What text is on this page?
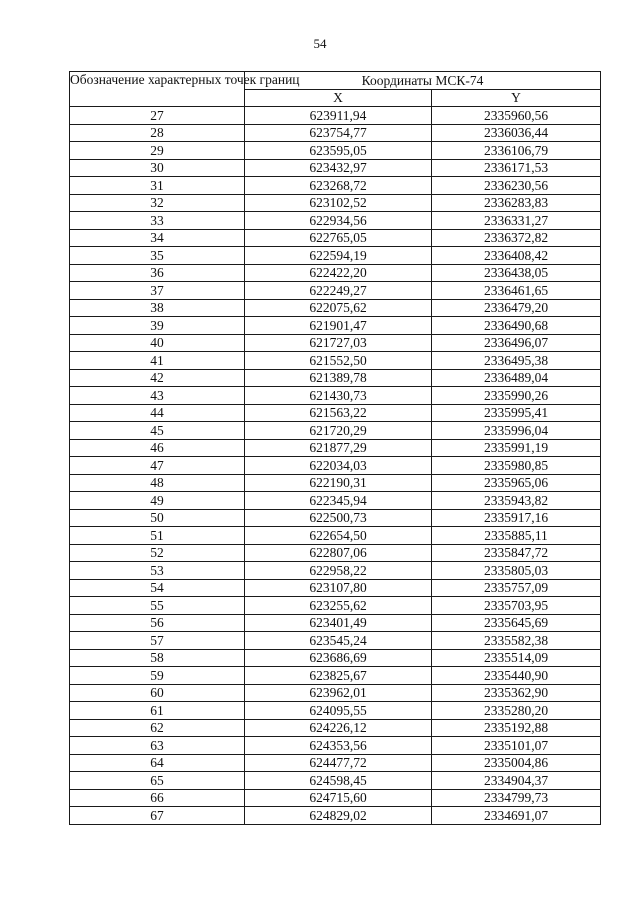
54
Обозначение характерных точек границ	Координаты МСК-74	
	X	Y
27	623911,94	2335960,56
28	623754,77	2336036,44
29	623595,05	2336106,79
30	623432,97	2336171,53
31	623268,72	2336230,56
32	623102,52	2336283,83
33	622934,56	2336331,27
34	622765,05	2336372,82
35	622594,19	2336408,42
36	622422,20	2336438,05
37	622249,27	2336461,65
38	622075,62	2336479,20
39	621901,47	2336490,68
40	621727,03	2336496,07
41	621552,50	2336495,38
42	621389,78	2336489,04
43	621430,73	2335990,26
44	621563,22	2335995,41
45	621720,29	2335996,04
46	621877,29	2335991,19
47	622034,03	2335980,85
48	622190,31	2335965,06
49	622345,94	2335943,82
50	622500,73	2335917,16
51	622654,50	2335885,11
52	622807,06	2335847,72
53	622958,22	2335805,03
54	623107,80	2335757,09
55	623255,62	2335703,95
56	623401,49	2335645,69
57	623545,24	2335582,38
58	623686,69	2335514,09
59	623825,67	2335440,90
60	623962,01	2335362,90
61	624095,55	2335280,20
62	624226,12	2335192,88
63	624353,56	2335101,07
64	624477,72	2335004,86
65	624598,45	2334904,37
66	624715,60	2334799,73
67	624829,02	2334691,07
